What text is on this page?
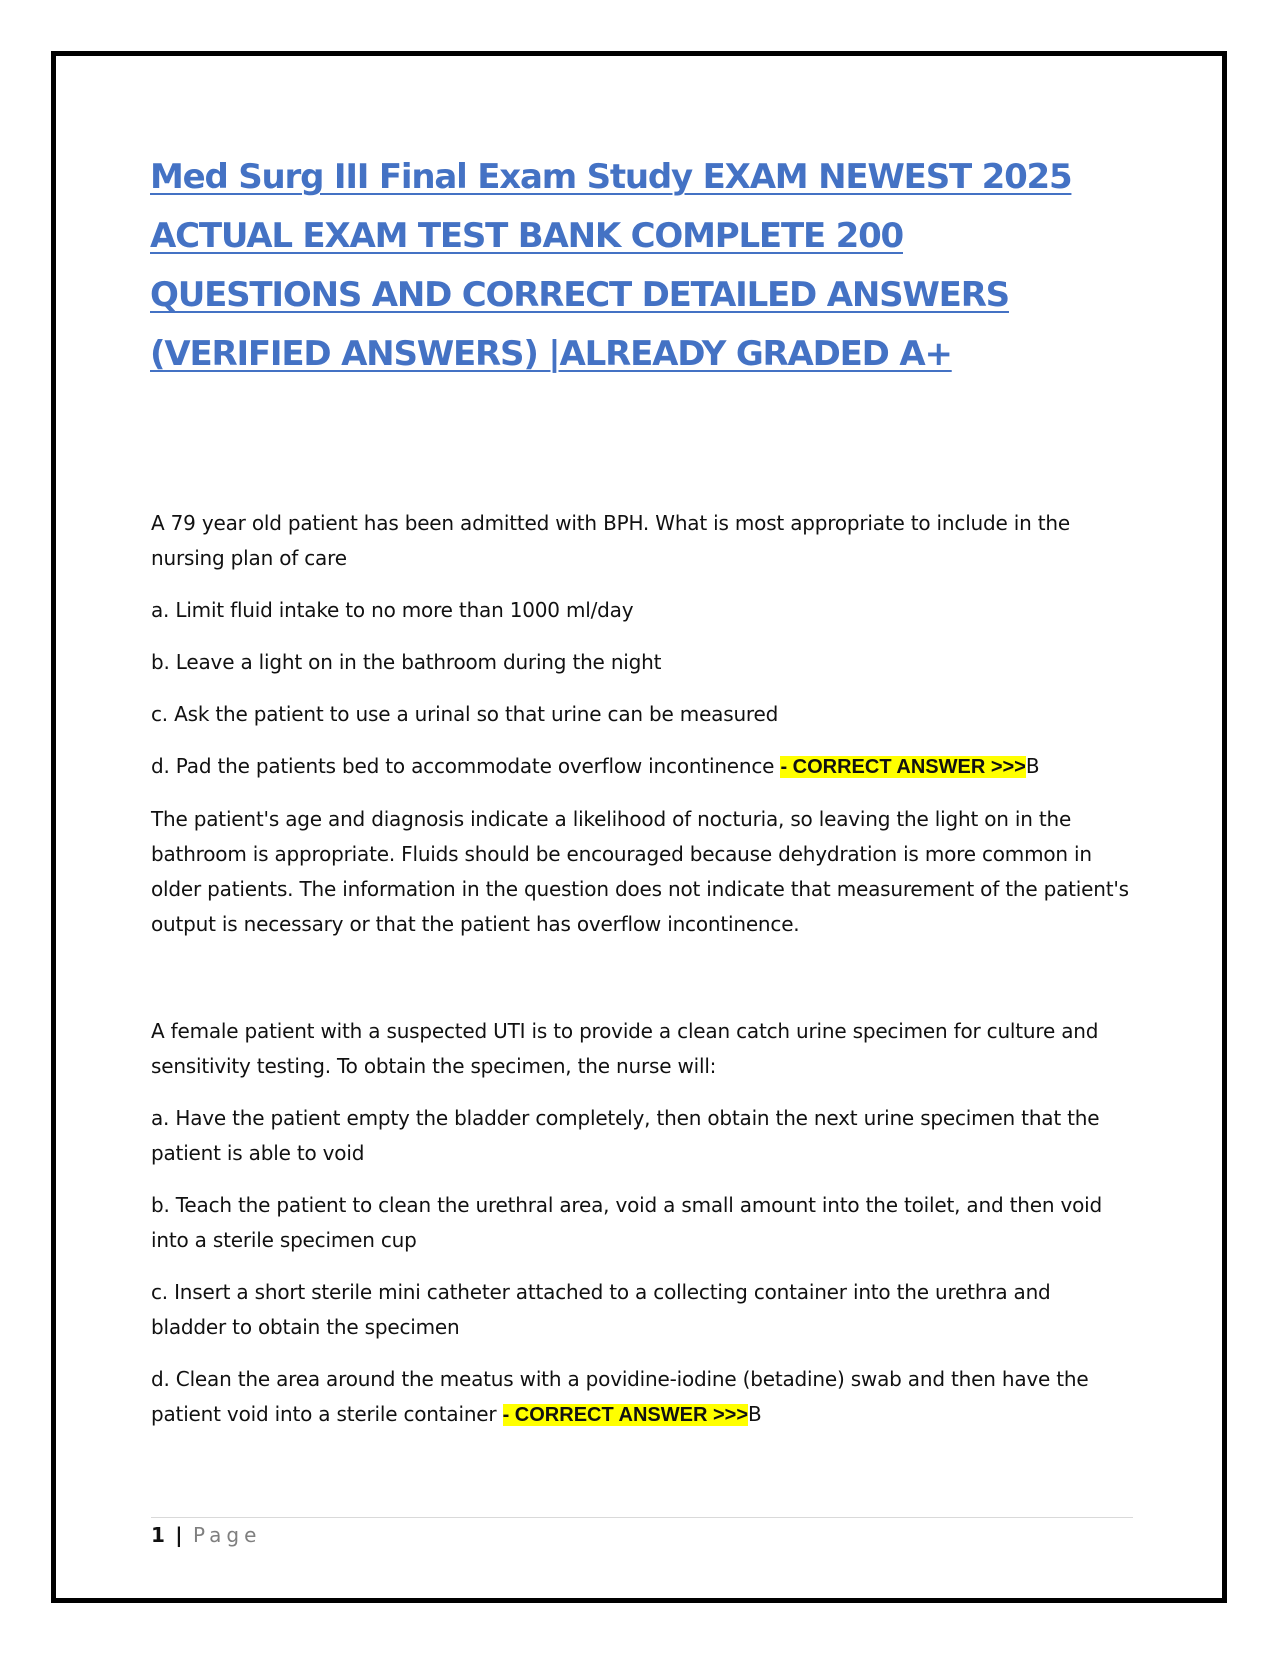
Med Surg III Final Exam Study EXAM NEWEST 2025 ACTUAL EXAM TEST BANK COMPLETE 200 QUESTIONS AND CORRECT DETAILED ANSWERS (VERIFIED ANSWERS) |ALREADY GRADED A+

A 79 year old patient has been admitted with BPH. What is most appropriate to include in the nursing plan of care

a. Limit fluid intake to no more than 1000 ml/day

b. Leave a light on in the bathroom during the night

c. Ask the patient to use a urinal so that urine can be measured

d. Pad the patients bed to accommodate overflow incontinence - CORRECT ANSWER >>>B

The patient's age and diagnosis indicate a likelihood of nocturia, so leaving the light on in the bathroom is appropriate. Fluids should be encouraged because dehydration is more common in older patients. The information in the question does not indicate that measurement of the patient's output is necessary or that the patient has overflow incontinence.

A female patient with a suspected UTI is to provide a clean catch urine specimen for culture and sensitivity testing. To obtain the specimen, the nurse will:

a. Have the patient empty the bladder completely, then obtain the next urine specimen that the patient is able to void

b. Teach the patient to clean the urethral area, void a small amount into the toilet, and then void into a sterile specimen cup

c. Insert a short sterile mini catheter attached to a collecting container into the urethra and bladder to obtain the specimen

d. Clean the area around the meatus with a povidine-iodine (betadine) swab and then have the patient void into a sterile container - CORRECT ANSWER >>>B

1 | Page
